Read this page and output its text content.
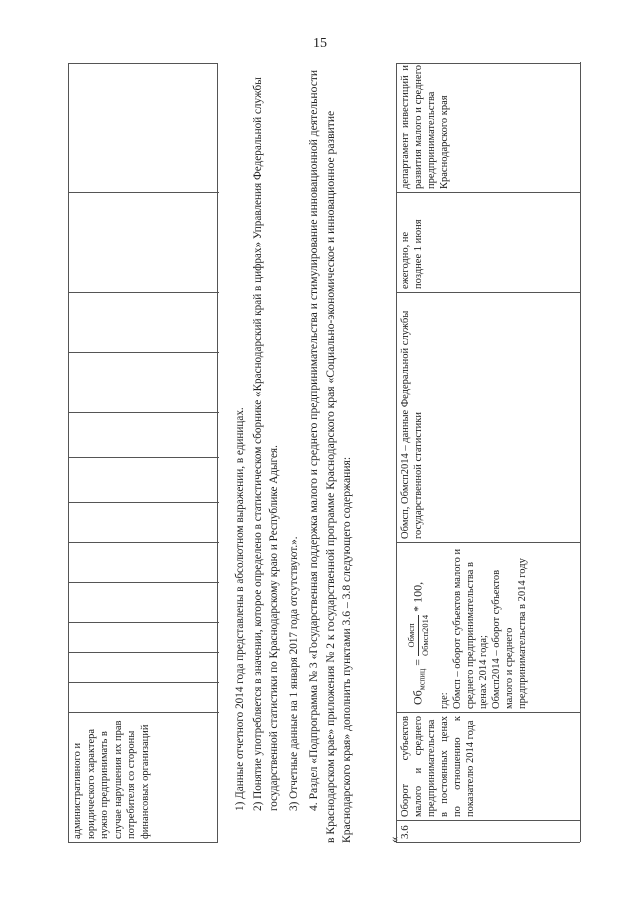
15
административного и юридического характера нужно предпринимать в случае нарушения их прав потребителя со стороны финансовых организаций	1) Данные отчетного 2014 года представлены в абсолютном выражении, в единицах. 2) Понятие употребляется в значении, которое определено в статистическом сборнике «Краснодарский край в цифрах» Управления Федеральной службы государственной статистики по Краснодарскому краю и Республике Адыгея. 3) Отчетные данные на 1 января 2017 года отсутствуют.». 4. Раздел «Подпрограмма № 3 «Государственная поддержка малого и среднего предпринимательства и стимулирование инновационной деятельности в Краснодарском крае» приложения № 2 к государственной программе Краснодарского края «Социально-экономическое и инновационное развитие Краснодарского края» дополнить пунктами 3.6 – 3.8 следующего содержания:	«
3.6
Оборот субъектов малого и среднего предпринимательства в постоянных ценах по отношению к показателю 2014 года
$Об_{мспиц}$ =
Обмсп Обмсп2014
* 100,
где: Обмсп – оборот субъектов малого и среднего предпринимательства в ценах 2014 года; Обмсп2014 – оборот субъектов малого и среднего предпринимательства в 2014 году
Обмсп, Обмсп2014 – данные Федеральной службы государственной статистики
ежегодно, не позднее 1 июня
департамент инвестиций и развития малого и среднего предпринимательства Краснодарского края
